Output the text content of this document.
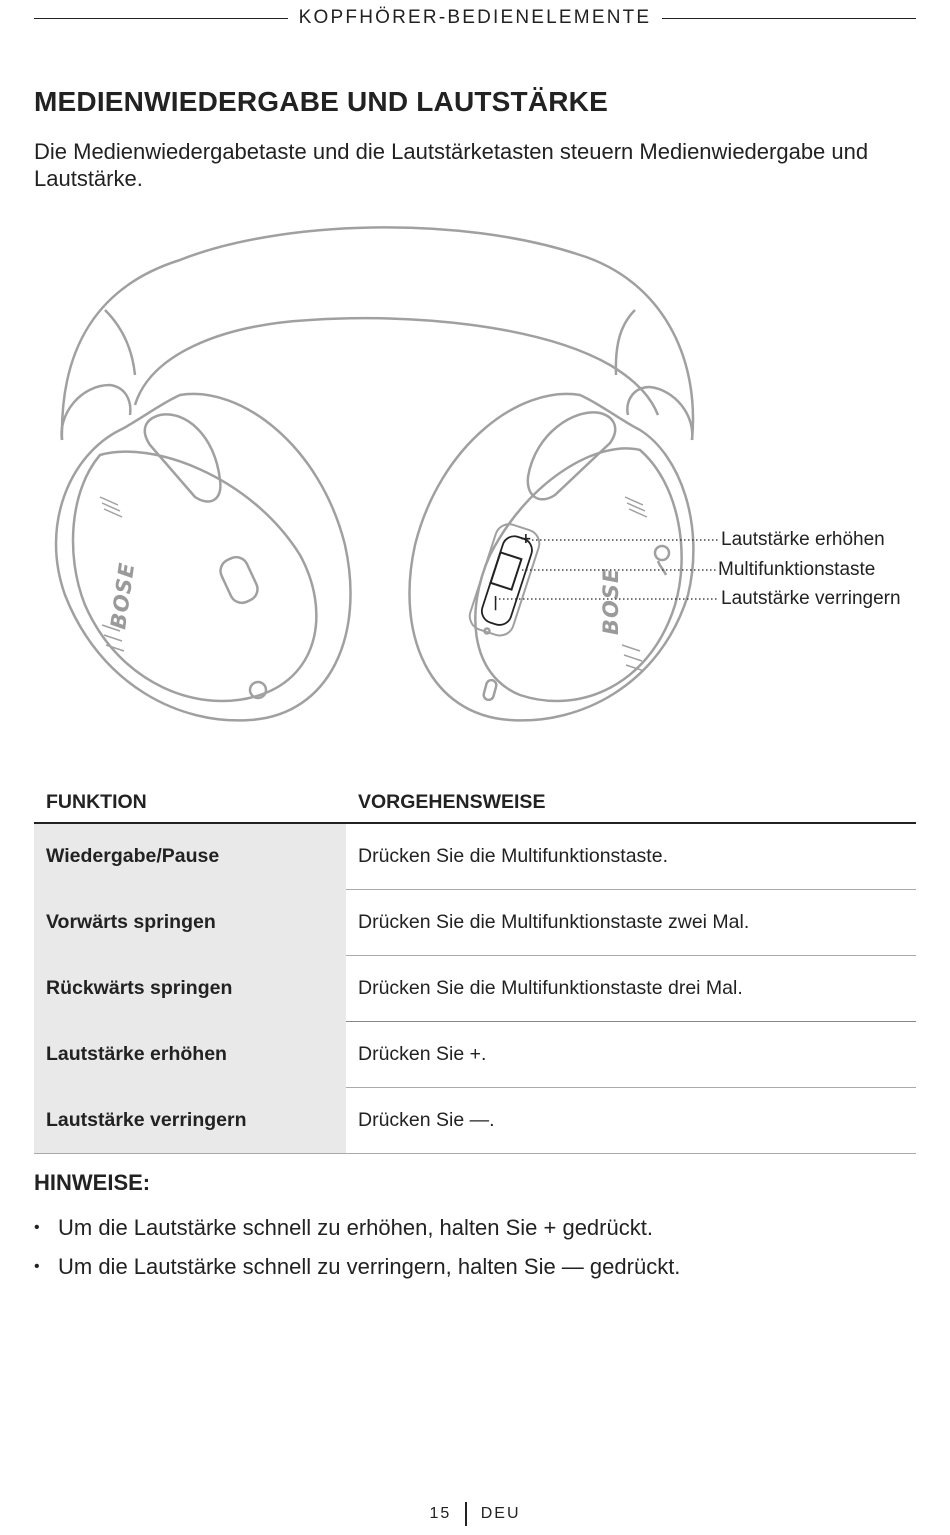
KOPFHÖRER-BEDIENELEMENTE
MEDIENWIEDERGABE UND LAUTSTÄRKE

Die Medienwiedergabetaste und die Lautstärketasten steuern Medienwiedergabe und Lautstärke.

+
|
BOSE	BOSE
Lautstärke erhöhen
Multifunktionstaste
Lautstärke verringern
FUNKTION	VORGEHENSWEISE
Wiedergabe/Pause	Drücken Sie die Multifunktionstaste.
Vorwärts springen	Drücken Sie die Multifunktionstaste zwei Mal.
Rückwärts springen	Drücken Sie die Multifunktionstaste drei Mal.
Lautstärke erhöhen	Drücken Sie +.
Lautstärke verringern	Drücken Sie —.
HINWEISE:
• Um die Lautstärke schnell zu erhöhen, halten Sie + gedrückt.
• Um die Lautstärke schnell zu verringern, halten Sie — gedrückt.
15 DEU
